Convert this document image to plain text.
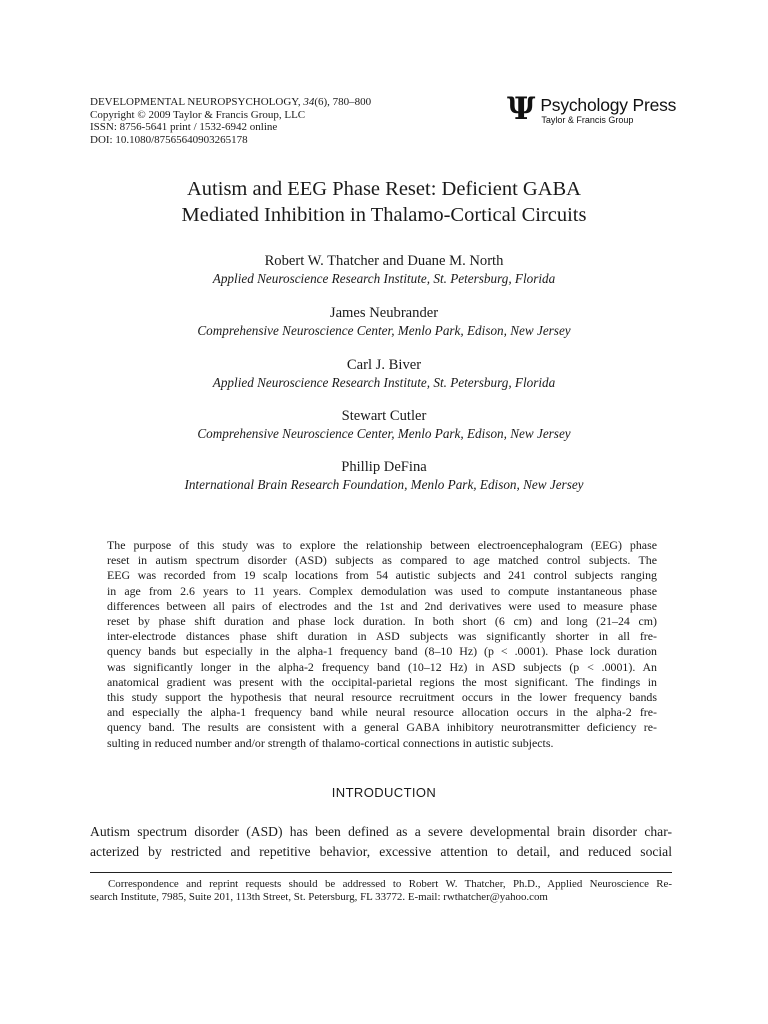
DEVELOPMENTAL NEUROPSYCHOLOGY, 34(6), 780–800
Copyright © 2009 Taylor & Francis Group, LLC
ISSN: 8756-5641 print / 1532-6942 online
DOI: 10.1080/87565640903265178
Ψ Psychology Press
Taylor & Francis Group
Autism and EEG Phase Reset: Deficient GABA
Mediated Inhibition in Thalamo-Cortical Circuits
Robert W. Thatcher and Duane M. North
Applied Neuroscience Research Institute, St. Petersburg, Florida
James Neubrander
Comprehensive Neuroscience Center, Menlo Park, Edison, New Jersey
Carl J. Biver
Applied Neuroscience Research Institute, St. Petersburg, Florida
Stewart Cutler
Comprehensive Neuroscience Center, Menlo Park, Edison, New Jersey
Phillip DeFina
International Brain Research Foundation, Menlo Park, Edison, New Jersey
The purpose of this study was to explore the relationship between electroencephalogram (EEG) phase
reset in autism spectrum disorder (ASD) subjects as compared to age matched control subjects. The
EEG was recorded from 19 scalp locations from 54 autistic subjects and 241 control subjects ranging
in age from 2.6 years to 11 years. Complex demodulation was used to compute instantaneous phase
differences between all pairs of electrodes and the 1st and 2nd derivatives were used to measure phase
reset by phase shift duration and phase lock duration. In both short (6 cm) and long (21–24 cm)
inter-electrode distances phase shift duration in ASD subjects was significantly shorter in all fre-
quency bands but especially in the alpha-1 frequency band (8–10 Hz) (p < .0001). Phase lock duration
was significantly longer in the alpha-2 frequency band (10–12 Hz) in ASD subjects (p < .0001). An
anatomical gradient was present with the occipital-parietal regions the most significant. The findings in
this study support the hypothesis that neural resource recruitment occurs in the lower frequency bands
and especially the alpha-1 frequency band while neural resource allocation occurs in the alpha-2 fre-
quency band. The results are consistent with a general GABA inhibitory neurotransmitter deficiency re-
sulting in reduced number and/or strength of thalamo-cortical connections in autistic subjects.
INTRODUCTION
Autism spectrum disorder (ASD) has been defined as a severe developmental brain disorder char-
acterized by restricted and repetitive behavior, excessive attention to detail, and reduced social
Correspondence and reprint requests should be addressed to Robert W. Thatcher, Ph.D., Applied Neuroscience Re-
search Institute, 7985, Suite 201, 113th Street, St. Petersburg, FL 33772. E-mail: rwthatcher@yahoo.com
